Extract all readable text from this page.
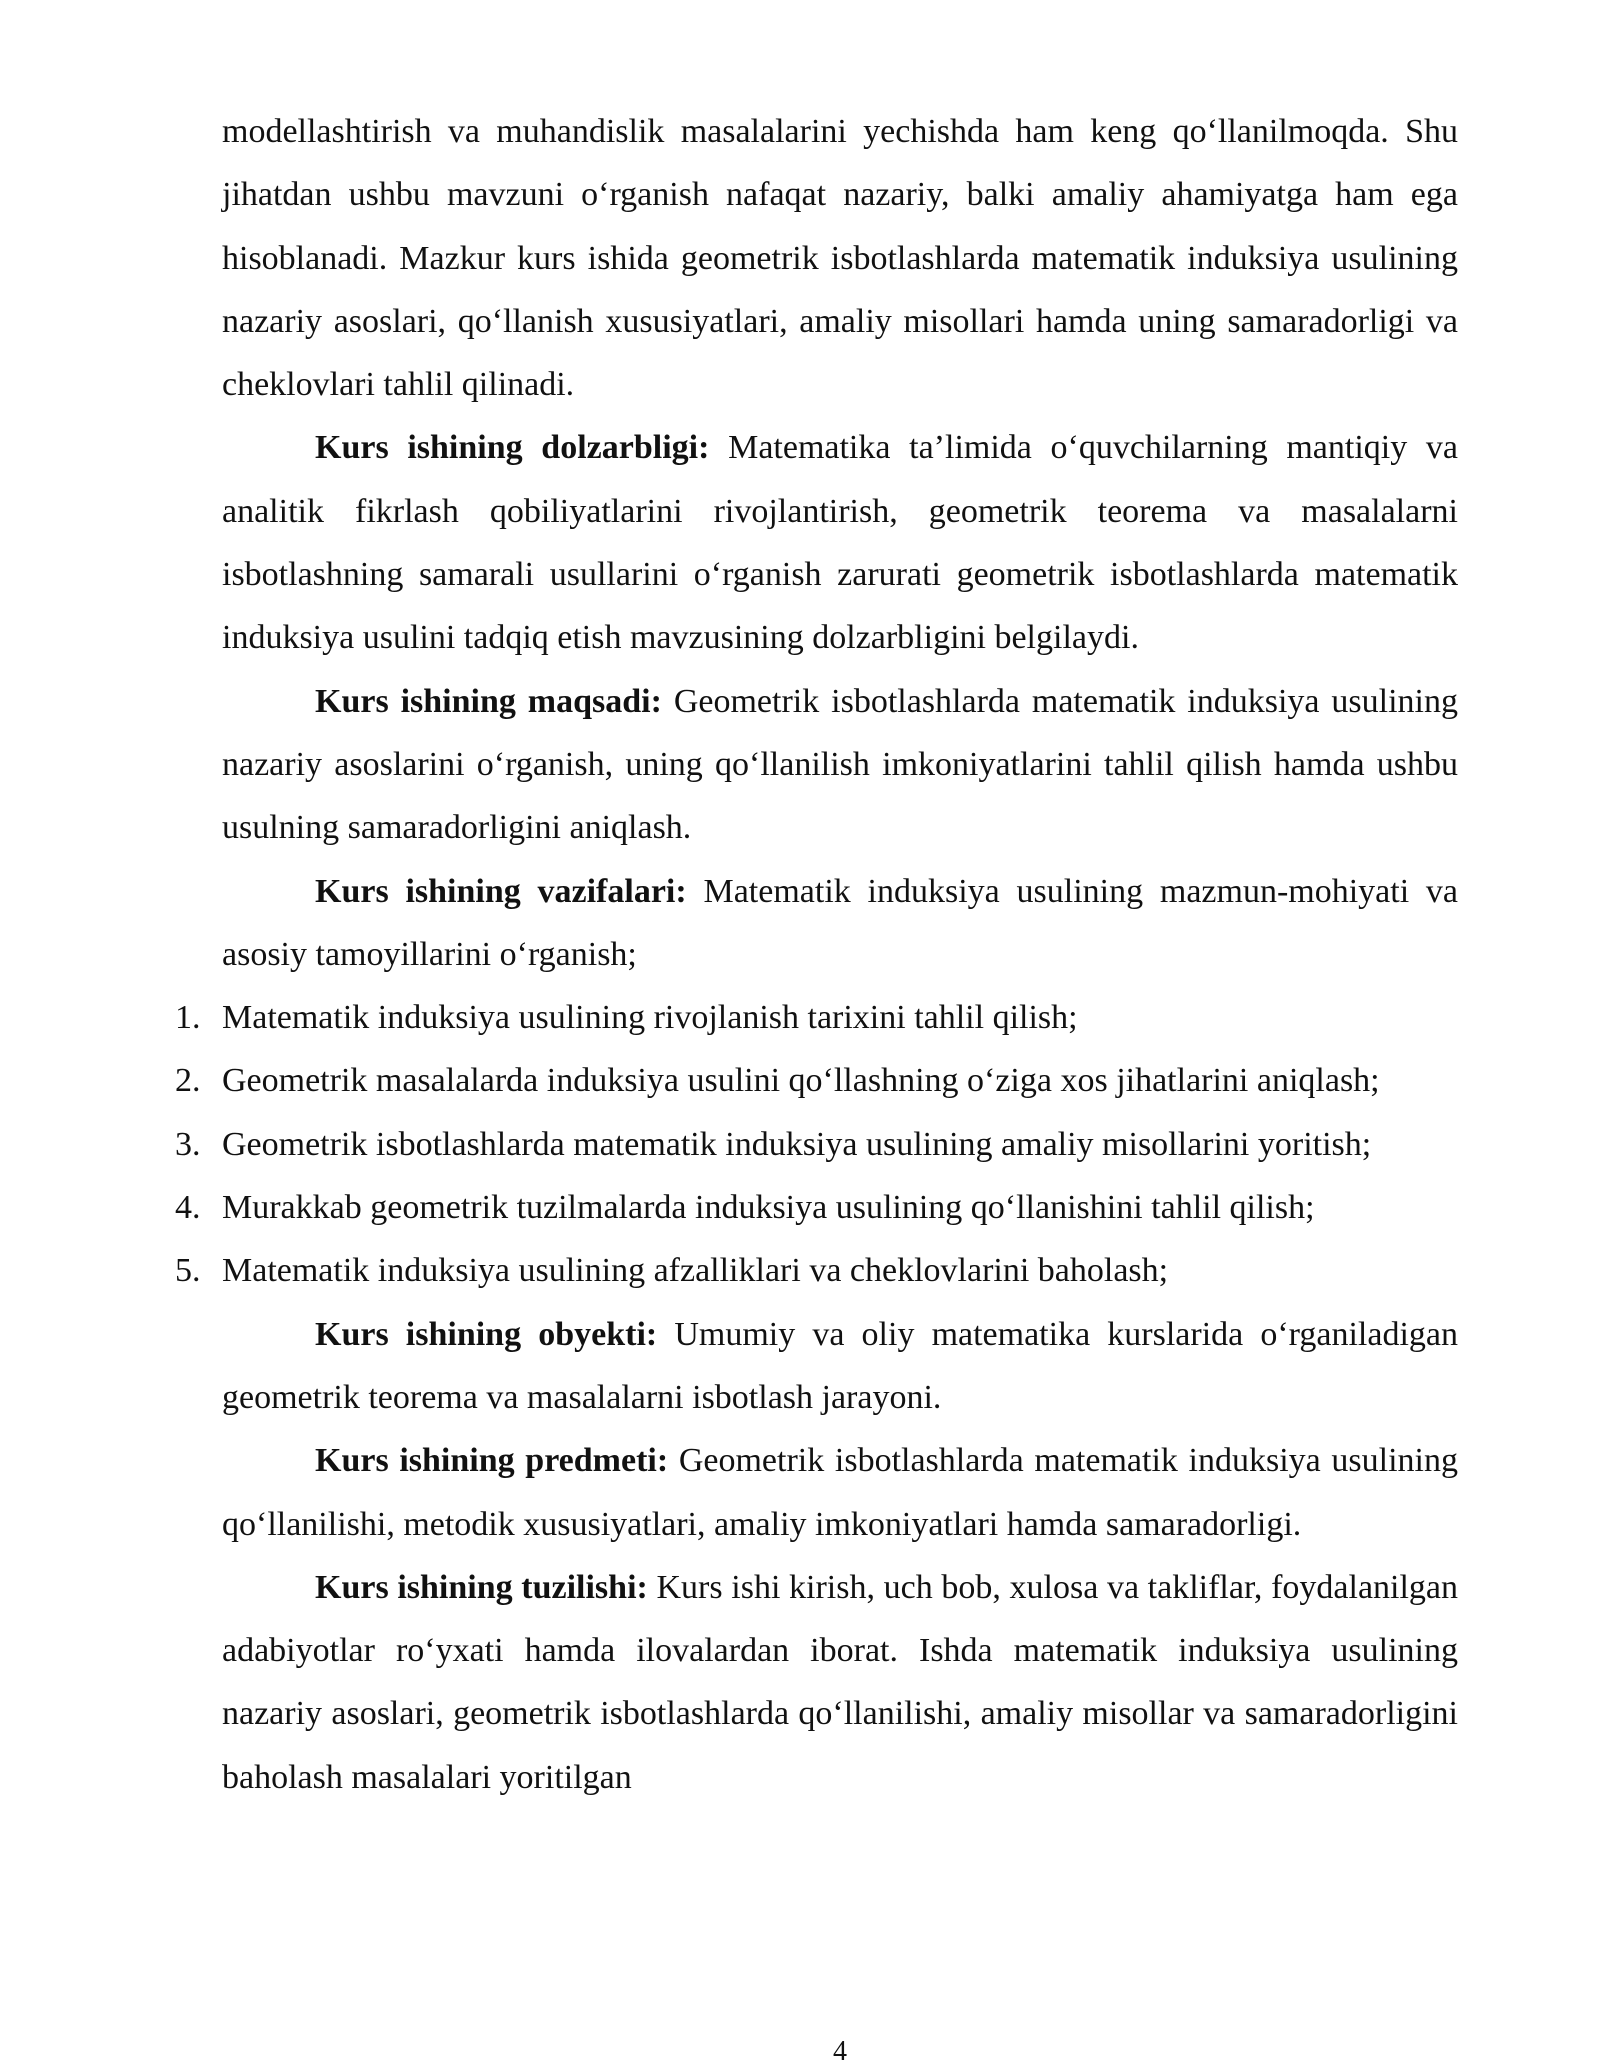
modellashtirish va muhandislik masalalarini yechishda ham keng qo‘llanilmoqda. Shu jihatdan ushbu mavzuni o‘rganish nafaqat nazariy, balki amaliy ahamiyatga ham ega hisoblanadi. Mazkur kurs ishida geometrik isbotlashlarda matematik induksiya usulining nazariy asoslari, qo‘llanish xususiyatlari, amaliy misollari hamda uning samaradorligi va cheklovlari tahlil qilinadi.

Kurs ishining dolzarbligi: Matematika ta’limida o‘quvchilarning mantiqiy va analitik fikrlash qobiliyatlarini rivojlantirish, geometrik teorema va masalalarni isbotlashning samarali usullarini o‘rganish zarurati geometrik isbotlashlarda matematik induksiya usulini tadqiq etish mavzusining dolzarbligini belgilaydi.

Kurs ishining maqsadi: Geometrik isbotlashlarda matematik induksiya usulining nazariy asoslarini o‘rganish, uning qo‘llanilish imkoniyatlarini tahlil qilish hamda ushbu usulning samaradorligini aniqlash.

Kurs ishining vazifalari: Matematik induksiya usulining mazmun-mohiyati va asosiy tamoyillarini o‘rganish;

1. Matematik induksiya usulining rivojlanish tarixini tahlil qilish;
2. Geometrik masalalarda induksiya usulini qo‘llashning o‘ziga xos jihatlarini aniqlash;
3. Geometrik isbotlashlarda matematik induksiya usulining amaliy misollarini yoritish;
4. Murakkab geometrik tuzilmalarda induksiya usulining qo‘llanishini tahlil qilish;
5. Matematik induksiya usulining afzalliklari va cheklovlarini baholash;

Kurs ishining obyekti: Umumiy va oliy matematika kurslarida o‘rganiladigan geometrik teorema va masalalarni isbotlash jarayoni.

Kurs ishining predmeti: Geometrik isbotlashlarda matematik induksiya usulining qo‘llanilishi, metodik xususiyatlari, amaliy imkoniyatlari hamda samaradorligi.

Kurs ishining tuzilishi: Kurs ishi kirish, uch bob, xulosa va takliflar, foydalanilgan adabiyotlar ro‘yxati hamda ilovalardan iborat. Ishda matematik induksiya usulining nazariy asoslari, geometrik isbotlashlarda qo‘llanilishi, amaliy misollar va samaradorligini baholash masalalari yoritilgan

4
